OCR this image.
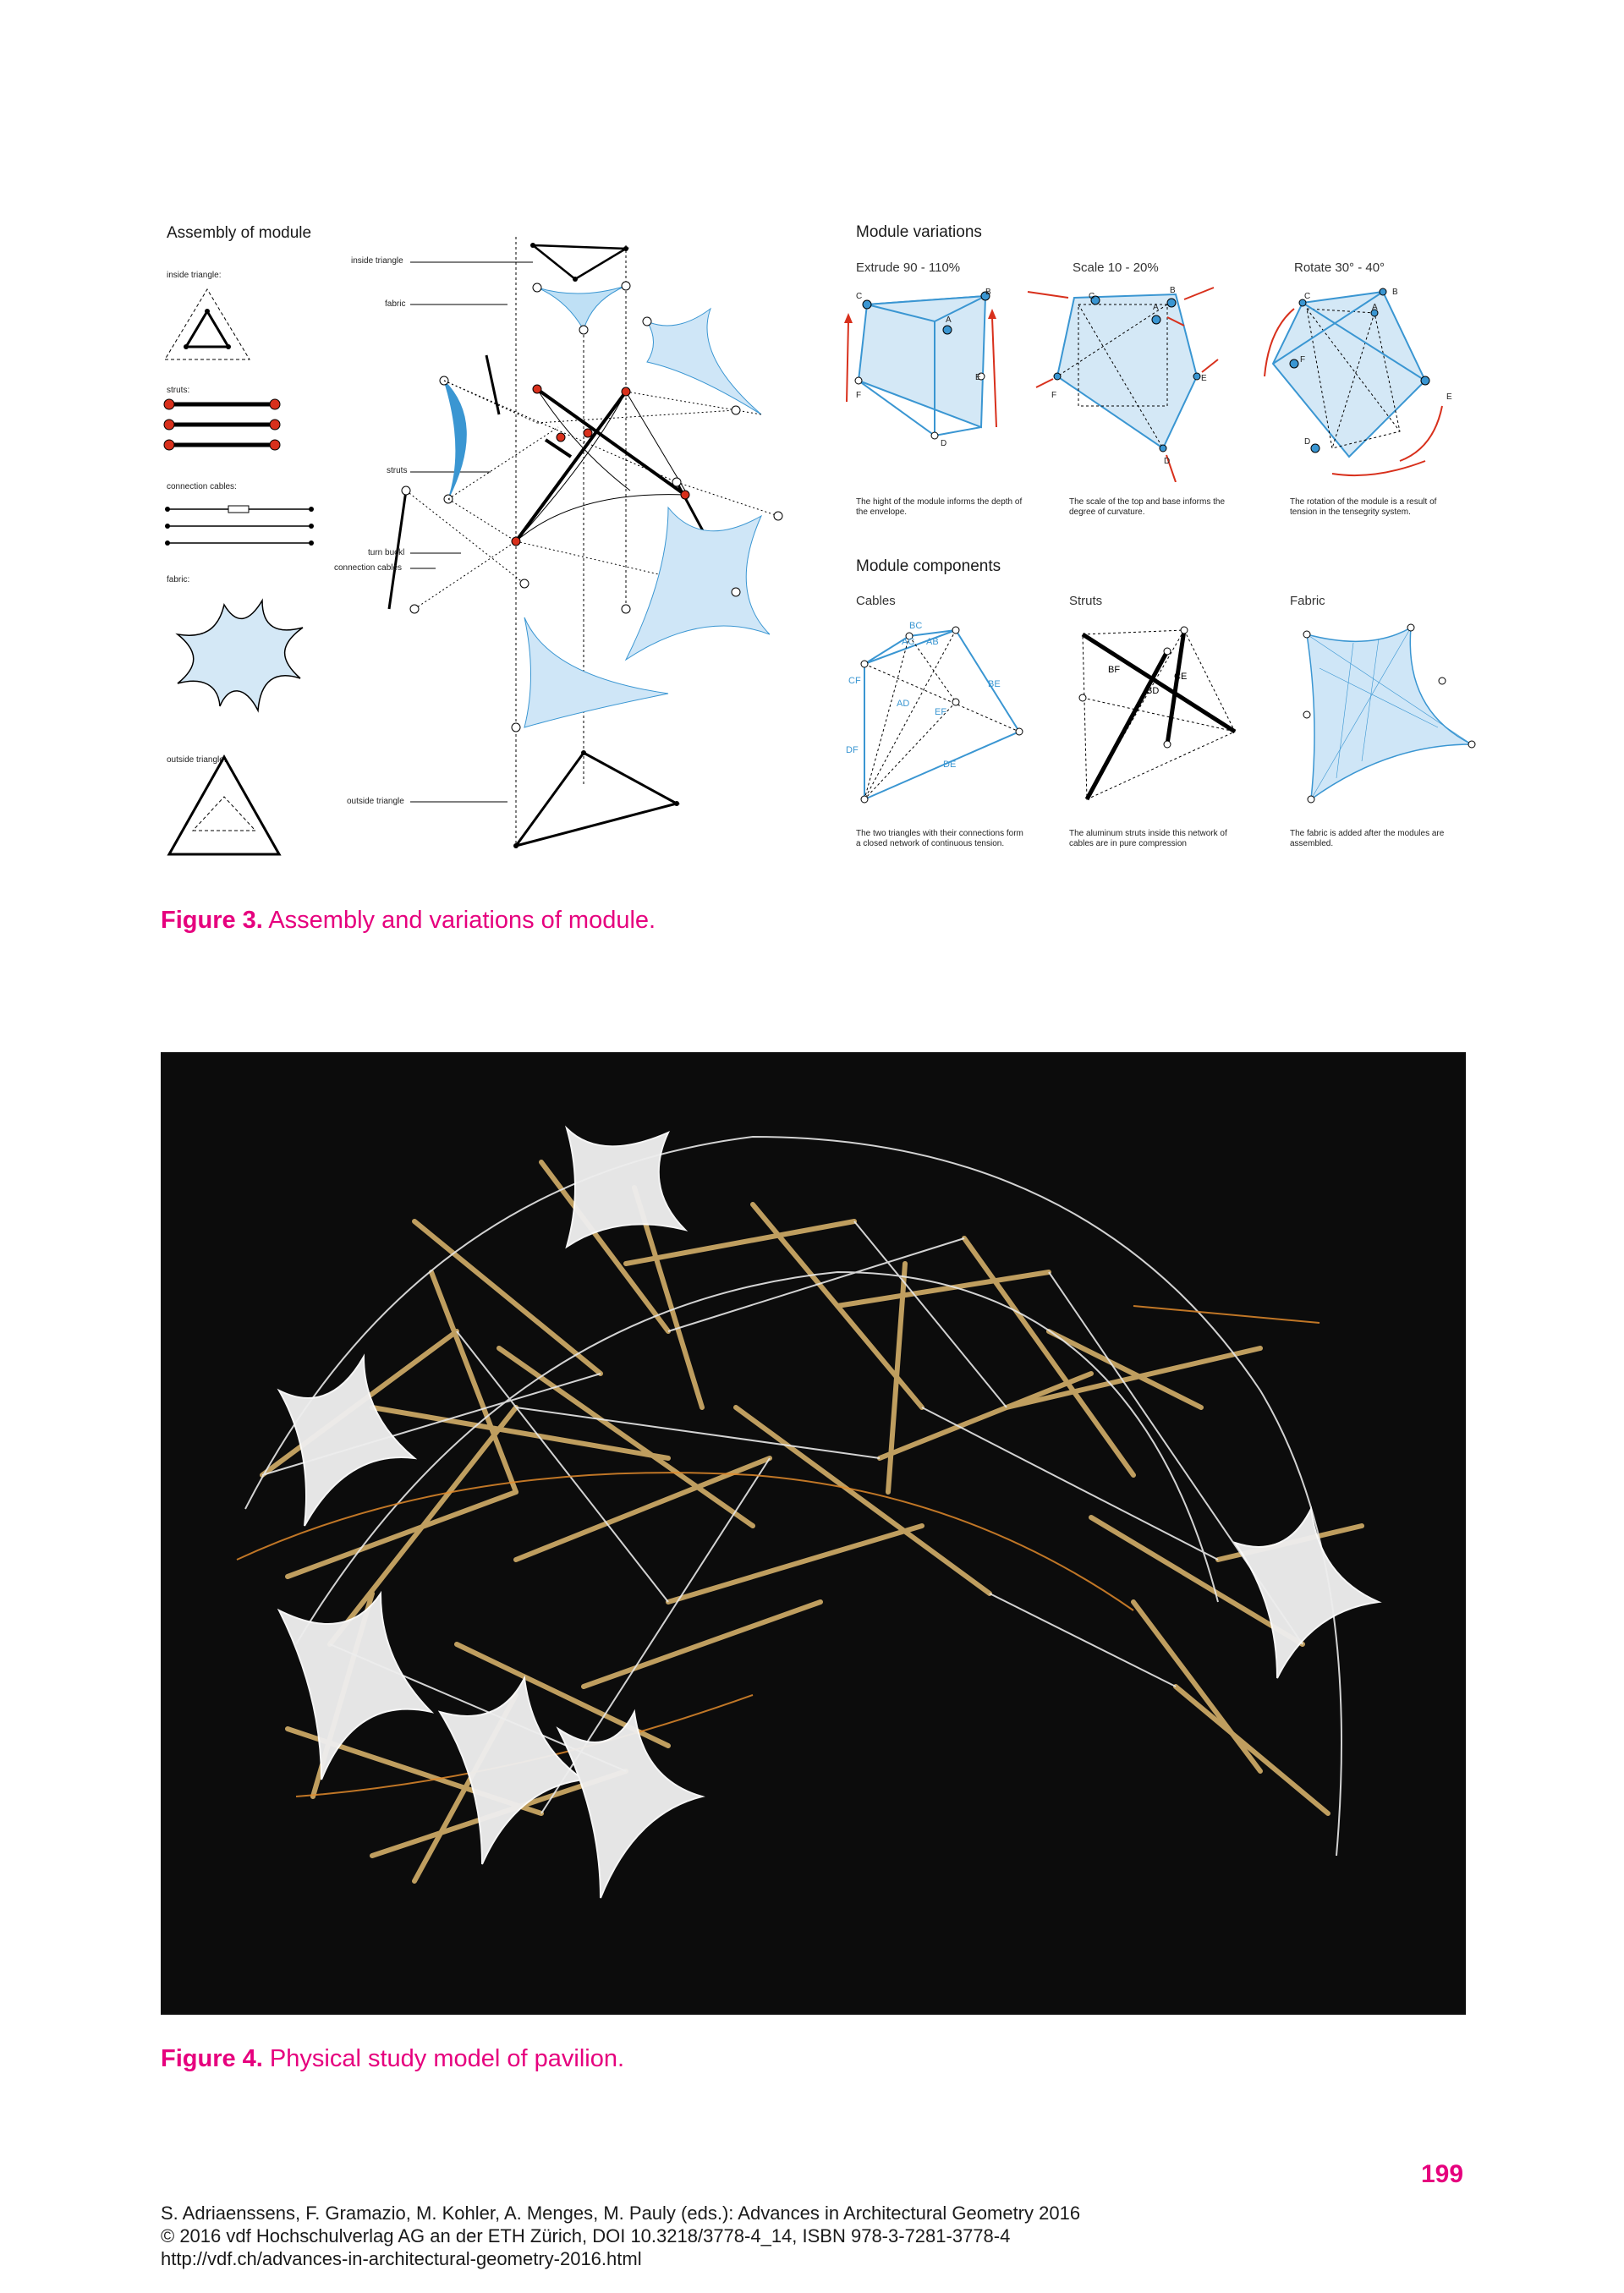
Assembly of module
inside triangle:
struts:
connection cables:
fabric:
outside triangle:
inside triangle
fabric
struts
turn buckl
connection cables
outside triangle
Module variations
Extrude 90 - 110%	Scale 10 - 20%	Rotate 30° - 40°
C	B
A
E
F
D
C
B
A
E
F
D
C	B
A
E
F
D
The hight of the module informs the depth of the envelope.
The scale of the top and base informs the degree of curvature.
The rotation of the module is a result of tension in the tensegrity system.
Module components
Cables	Struts	Fabric
BC
AC AB
CF	BE
AD
EF
DF
DE
BF
CE
BD
The two triangles with their connections form a closed network of continuous tension.
The aluminum struts inside this network of cables are in pure compression
The fabric is added after the modules are assembled.
Figure 3. Assembly and variations of module.
Figure 4. Physical study model of pavilion.
199
S. Adriaenssens, F. Gramazio, M. Kohler, A. Menges, M. Pauly (eds.): Advances in Architectural Geometry 2016
© 2016 vdf Hochschulverlag AG an der ETH Zürich, DOI 10.3218/3778-4_14, ISBN 978-3-7281-3778-4
http://vdf.ch/advances-in-architectural-geometry-2016.html
